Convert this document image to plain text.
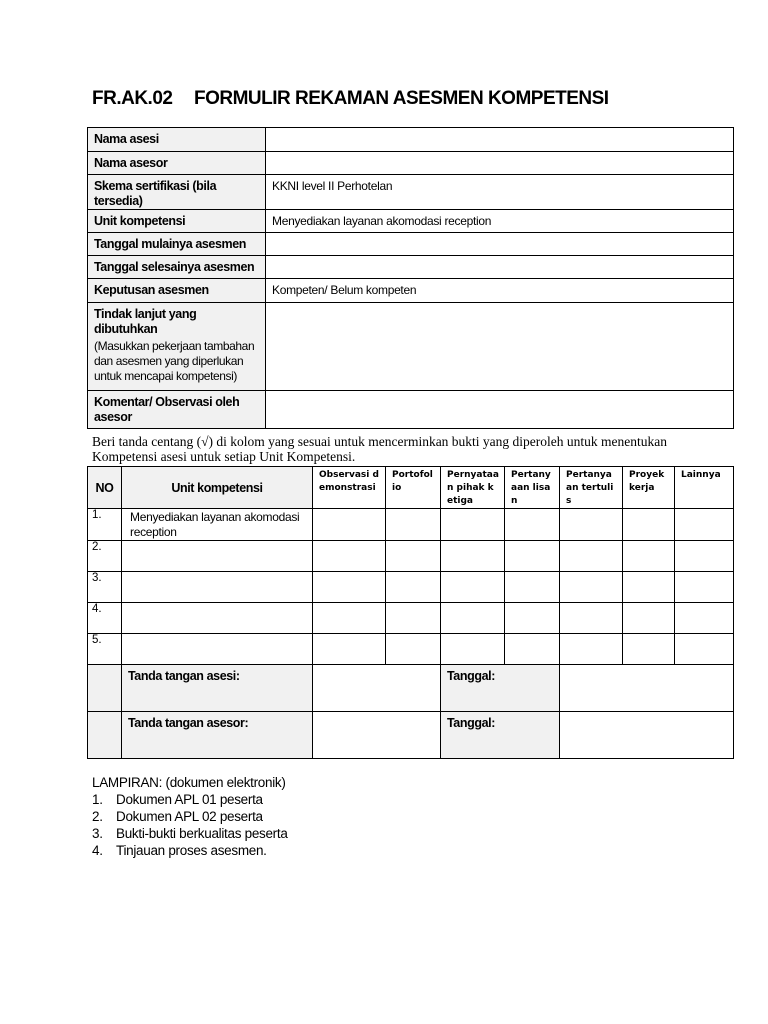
FR.AK.02 FORMULIR REKAMAN ASESMEN KOMPETENSI
Nama asesi	
Nama asesor	
Skema sertifikasi (bila tersedia)	KKNI level II Perhotelan
Unit kompetensi	Menyediakan layanan akomodasi reception
Tanggal mulainya asesmen	
Tanggal selesainya asesmen	
Keputusan asesmen	Kompeten/ Belum kompeten

Tindak lanjut yang dibutuhkan
(Masukkan pekerjaan tambahan dan asesmen yang diperlukan untuk mencapai kompetensi)	

Komentar/ Observasi oleh asesor	
Beri tanda centang (√) di kolom yang sesuai untuk mencerminkan bukti yang diperoleh untuk menentukan Kompetensi asesi untuk setiap Unit Kompetensi.
NO	Unit kompetensi	Observasi demonstrasi	Portofolio	Pernyataan pihak ketiga	Pertanyaan lisan	Pertanyaan tertulis	Proyek kerja	Lainnya
1.	Menyediakan layanan akomodasi reception							
2.								
3.								
4.								
5.								
	Tanda tangan asesi:			Tanggal:				
	Tanda tangan asesor:			Tanggal:				
LAMPIRAN: (dokumen elektronik)
1. Dokumen APL 01 peserta
2. Dokumen APL 02 peserta
3. Bukti-bukti berkualitas peserta
4. Tinjauan proses asesmen.
